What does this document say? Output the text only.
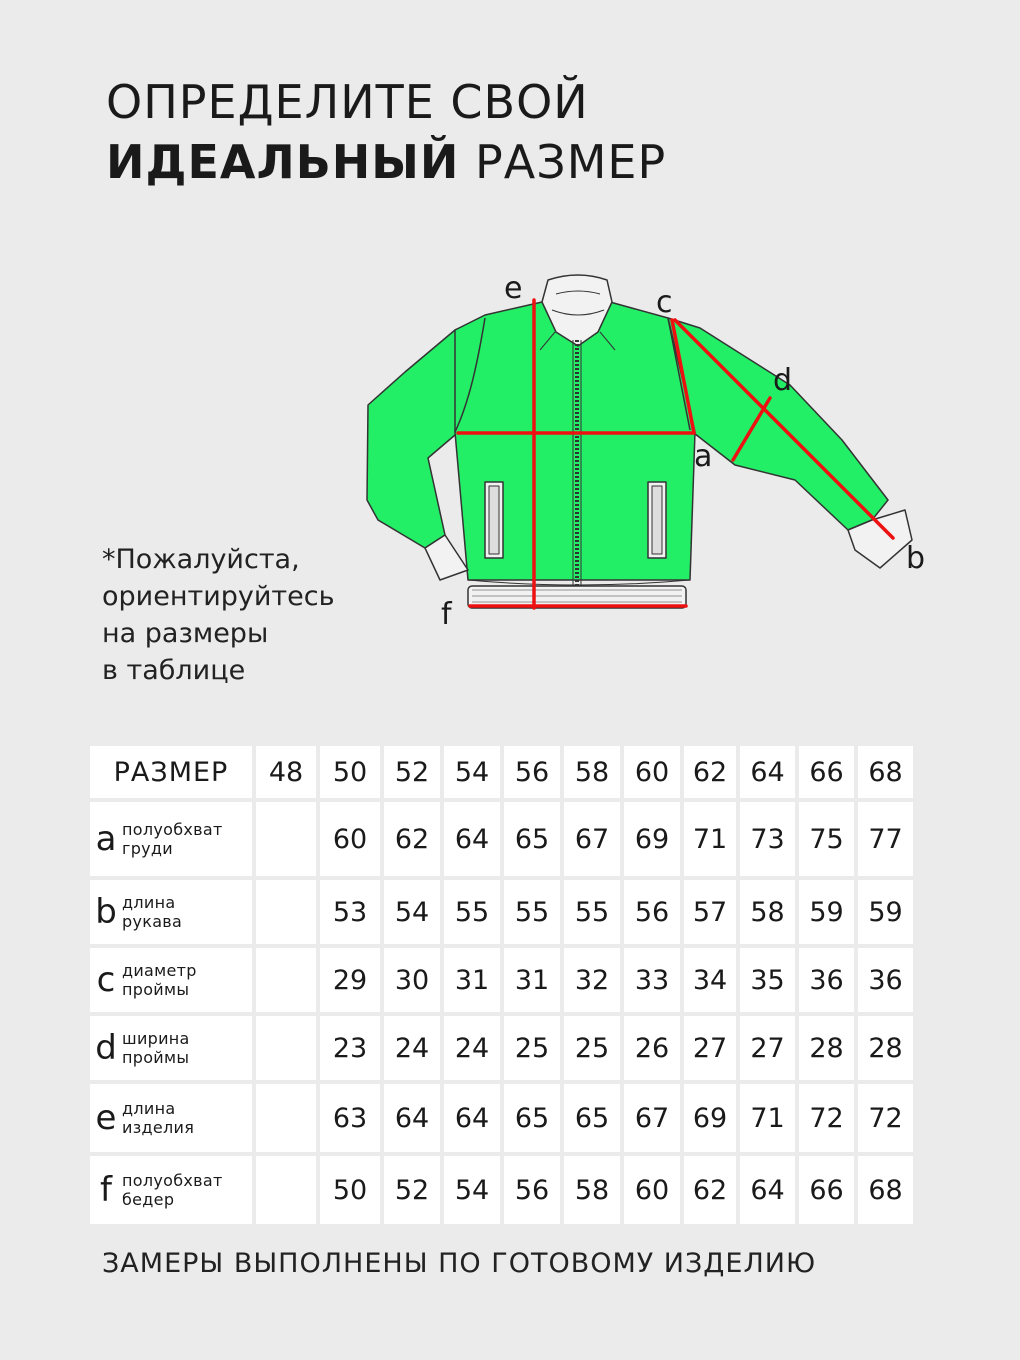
ОПРЕДЕЛИТЕ СВОЙ
ИДЕАЛЬНЫЙ РАЗМЕР
*Пожалуйста,
ориентируйтесь
на размеры
в таблице
e	c
d
a
b
f
РАЗМЕР	48	50	52	54	56	58	60	62	64	66	68

a полуобхват
груди		60	62	64	65	67	69	71	73	75	77

b длина
рукава		53	54	55	55	55	56	57	58	59	59

c диаметр
проймы		29	30	31	31	32	33	34	35	36	36

d ширина
проймы		23	24	24	25	25	26	27	27	28	28

e длина
изделия		63	64	64	65	65	67	69	71	72	72

f полуобхват
бедер		50	52	54	56	58	60	62	64	66	68
ЗАМЕРЫ ВЫПОЛНЕНЫ ПО ГОТОВОМУ ИЗДЕЛИЮ
